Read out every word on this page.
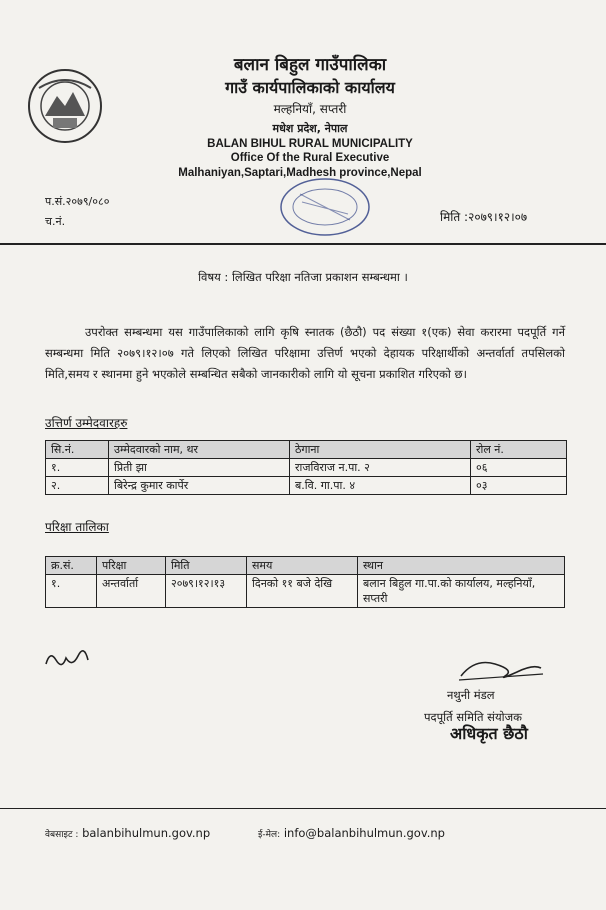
बलान बिहुल गाउँपालिका
गाउँ कार्यपालिकाको कार्यालय
मल्हनियाँ, सप्तरी
मधेश प्रदेश, नेपाल
BALAN BIHUL RURAL MUNICIPALITY
Office Of the Rural Executive
Malhaniyan,Saptari,Madhesh province,Nepal
प.सं.२०७९/०८०
च.नं.	मिति :२०७९।१२।०७
विषय : लिखित परिक्षा नतिजा प्रकाशन सम्बन्धमा ।
उपरोक्त सम्बन्धमा यस गाउँपालिकाको लागि कृषि स्नातक (छैठौ) पद संख्या १(एक) सेवा करारमा पदपूर्ति गर्ने सम्बन्धमा मिति २०७९।१२।०७ गते लिएको लिखित परिक्षामा उत्तिर्ण भएको देहायक परिक्षार्थीको अन्तर्वार्ता तपसिलको मिति,समय र स्थानमा हुने भएकोले सम्बन्धित सबैको जानकारीको लागि यो सूचना प्रकाशित गरिएको छ।
उत्तिर्ण उम्मेदवारहरु
सि.नं.	उम्मेदवारको नाम, थर	ठेगाना	रोल नं.
१.	प्रिती झा	राजविराज न.पा. २	०६
२.	बिरेन्द्र कुमार कार्पेर	ब.वि. गा.पा. ४	०३
परिक्षा तालिका
क्र.सं.	परिक्षा	मिति	समय	स्थान
१.	अन्तर्वार्ता	२०७९।१२।१३	दिनको ११ बजे देखि	बलान बिहुल गा.पा.को कार्यालय, मल्हनियाँ, सप्तरी
नथुनी मंडल
पदपूर्ति समिति संयोजक
अधिकृत छैठौ
वेबसाइट : balanbihulmun.gov.np	ई-मेल: info@balanbihulmun.gov.np
